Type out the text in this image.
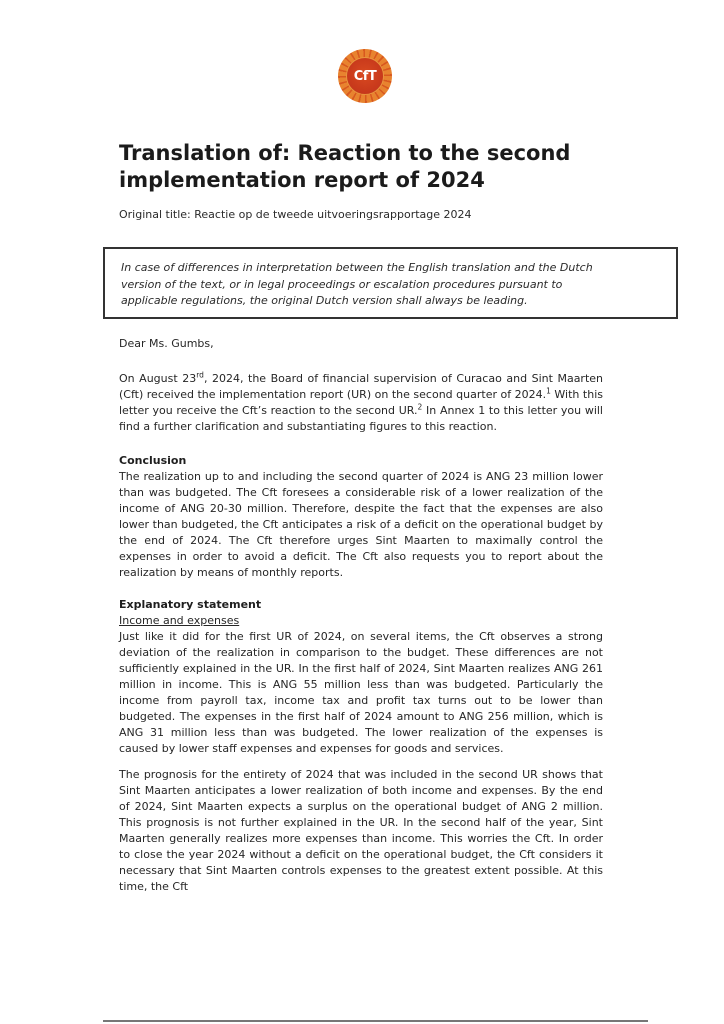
CfT
Translation of: Reaction to the second implementation report of 2024
Original title: Reactie op de tweede uitvoeringsrapportage 2024
In case of differences in interpretation between the English translation and the Dutch version of the text, or in legal proceedings or escalation procedures pursuant to applicable regulations, the original Dutch version shall always be leading.

Dear Ms. Gumbs,

On August 23rd, 2024, the Board of financial supervision of Curacao and Sint Maarten (Cft) received the implementation report (UR) on the second quarter of 2024.$^1$ With this letter you receive the Cft’s reaction to the second UR.$^2$ In Annex 1 to this letter you will find a further clarification and substantiating figures to this reaction.

Conclusion

The realization up to and including the second quarter of 2024 is ANG 23 million lower than was budgeted. The Cft foresees a considerable risk of a lower realization of the income of ANG 20-30 million. Therefore, despite the fact that the expenses are also lower than budgeted, the Cft anticipates a risk of a deficit on the operational budget by the end of 2024. The Cft therefore urges Sint Maarten to maximally control the expenses in order to avoid a deficit. The Cft also requests you to report about the realization by means of monthly reports.

Explanatory statement

Income and expenses

Just like it did for the first UR of 2024, on several items, the Cft observes a strong deviation of the realization in comparison to the budget. These differences are not sufficiently explained in the UR. In the first half of 2024, Sint Maarten realizes ANG 261 million in income. This is ANG 55 million less than was budgeted. Particularly the income from payroll tax, income tax and profit tax turns out to be lower than budgeted. The expenses in the first half of 2024 amount to ANG 256 million, which is ANG 31 million less than was budgeted. The lower realization of the expenses is caused by lower staff expenses and expenses for goods and services.

The prognosis for the entirety of 2024 that was included in the second UR shows that Sint Maarten anticipates a lower realization of both income and expenses. By the end of 2024, Sint Maarten expects a surplus on the operational budget of ANG 2 million. This prognosis is not further explained in the UR. In the second half of the year, Sint Maarten generally realizes more expenses than income. This worries the Cft. In order to close the year 2024 without a deficit on the operational budget, the Cft considers it necessary that Sint Maarten controls expenses to the greatest extent possible. At this time, the Cft
